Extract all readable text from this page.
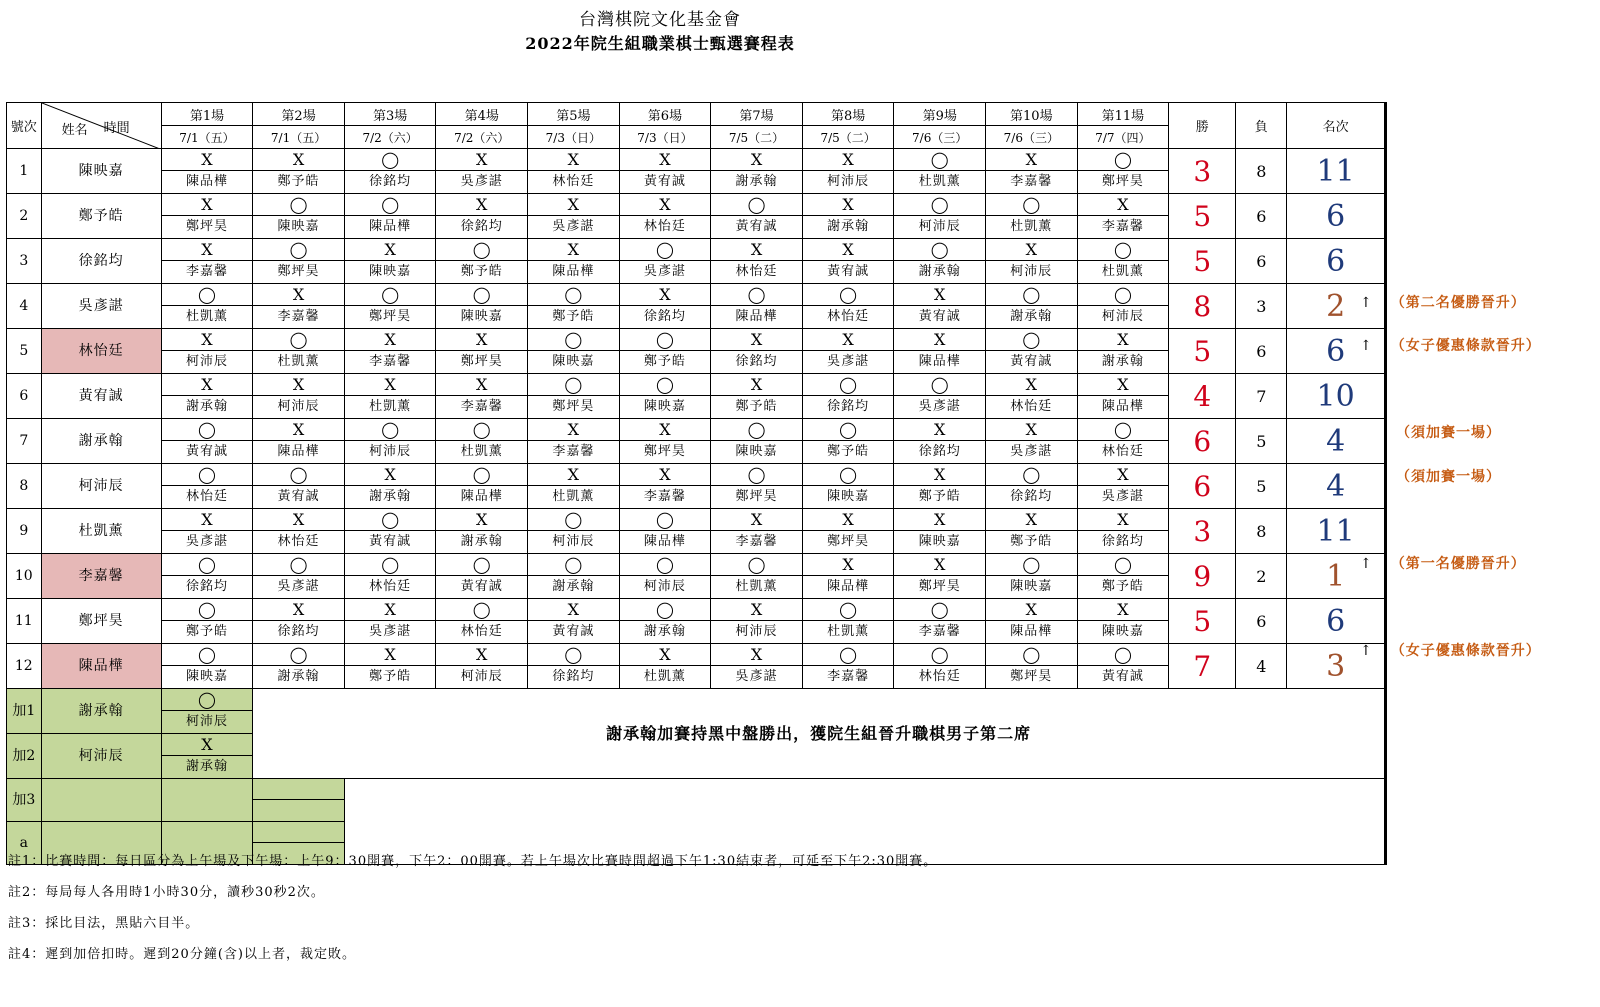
台灣棋院文化基金會
2022年院生組職業棋士甄選賽程表
號次	姓名 時間	第1場	第2場	第3場	第4場	第5場	第6場	第7場	第8場	第9場	第10場	第11場	勝	負	名次
		7/1（五）	7/1（五）	7/2（六）	7/2（六）	7/3（日）	7/3（日）	7/5（二）	7/5（二）	7/6（三）	7/6（三）	7/7（四）			
1	陳映嘉	X	X	◯	X	X	X	X	X	◯	X	◯	3	8	11
		陳品樺	鄭予皓	徐銘均	吳彥諶	林怡廷	黃宥誠	謝承翰	柯沛辰	杜凱薰	李嘉馨	鄭坪昊			
2	鄭予皓	X	◯	◯	X	X	X	◯	X	◯	◯	X	5	6	6
		鄭坪昊	陳映嘉	陳品樺	徐銘均	吳彥諶	林怡廷	黃宥誠	謝承翰	柯沛辰	杜凱薰	李嘉馨			
3	徐銘均	X	◯	X	◯	X	◯	X	X	◯	X	◯	5	6	6
		李嘉馨	鄭坪昊	陳映嘉	鄭予皓	陳品樺	吳彥諶	林怡廷	黃宥誠	謝承翰	柯沛辰	杜凱薰			
4	吳彥諶	◯	X	◯	◯	◯	X	◯	◯	X	◯	◯	8	3	2
		杜凱薰	李嘉馨	鄭坪昊	陳映嘉	鄭予皓	徐銘均	陳品樺	林怡廷	黃宥誠	謝承翰	柯沛辰			
5	林怡廷	X	◯	X	X	◯	◯	X	X	X	◯	X	5	6	6
		柯沛辰	杜凱薰	李嘉馨	鄭坪昊	陳映嘉	鄭予皓	徐銘均	吳彥諶	陳品樺	黃宥誠	謝承翰			
6	黃宥誠	X	X	X	X	◯	◯	X	◯	◯	X	X	4	7	10
		謝承翰	柯沛辰	杜凱薰	李嘉馨	鄭坪昊	陳映嘉	鄭予皓	徐銘均	吳彥諶	林怡廷	陳品樺			
7	謝承翰	◯	X	◯	◯	X	X	◯	◯	X	X	◯	6	5	4
		黃宥誠	陳品樺	柯沛辰	杜凱薰	李嘉馨	鄭坪昊	陳映嘉	鄭予皓	徐銘均	吳彥諶	林怡廷			
8	柯沛辰	◯	◯	X	◯	X	X	◯	◯	X	◯	X	6	5	4
		林怡廷	黃宥誠	謝承翰	陳品樺	杜凱薰	李嘉馨	鄭坪昊	陳映嘉	鄭予皓	徐銘均	吳彥諶			
9	杜凱薰	X	X	◯	X	◯	◯	X	X	X	X	X	3	8	11
		吳彥諶	林怡廷	黃宥誠	謝承翰	柯沛辰	陳品樺	李嘉馨	鄭坪昊	陳映嘉	鄭予皓	徐銘均			
10	李嘉馨	◯	◯	◯	◯	◯	◯	◯	X	X	◯	◯	9	2	1
		徐銘均	吳彥諶	林怡廷	黃宥誠	謝承翰	柯沛辰	杜凱薰	陳品樺	鄭坪昊	陳映嘉	鄭予皓			
11	鄭坪昊	◯	X	X	◯	X	◯	X	◯	◯	X	X	5	6	6
		鄭予皓	徐銘均	吳彥諶	林怡廷	黃宥誠	謝承翰	柯沛辰	杜凱薰	李嘉馨	陳品樺	陳映嘉			
12	陳品樺	◯	◯	X	X	◯	X	X	◯	◯	◯	◯	7	4	3
		陳映嘉	謝承翰	鄭予皓	柯沛辰	徐銘均	杜凱薰	吳彥諶	李嘉馨	林怡廷	鄭坪昊	黃宥誠			
加1	謝承翰	◯	謝承翰加賽持黑中盤勝出，獲院生組晉升職棋男子第二席												
		柯沛辰													
加2	柯沛辰	X													
		謝承翰													
加3															

a															

↑ （第二名優勝晉升）
↑ （女子優惠條款晉升）
（須加賽一場）
（須加賽一場）
↑ （第一名優勝晉升）
↑ （女子優惠條款晉升）
註1：比賽時間：每日區分為上午場及下午場：上午9：30開賽，下午2：00開賽。若上午場次比賽時間超過下午1:30結束者，可延至下午2:30開賽。
註2：每局每人各用時1小時30分，讀秒30秒2次。
註3：採比目法，黑貼六目半。
註4：遲到加倍扣時。遲到20分鐘(含)以上者，裁定敗。
